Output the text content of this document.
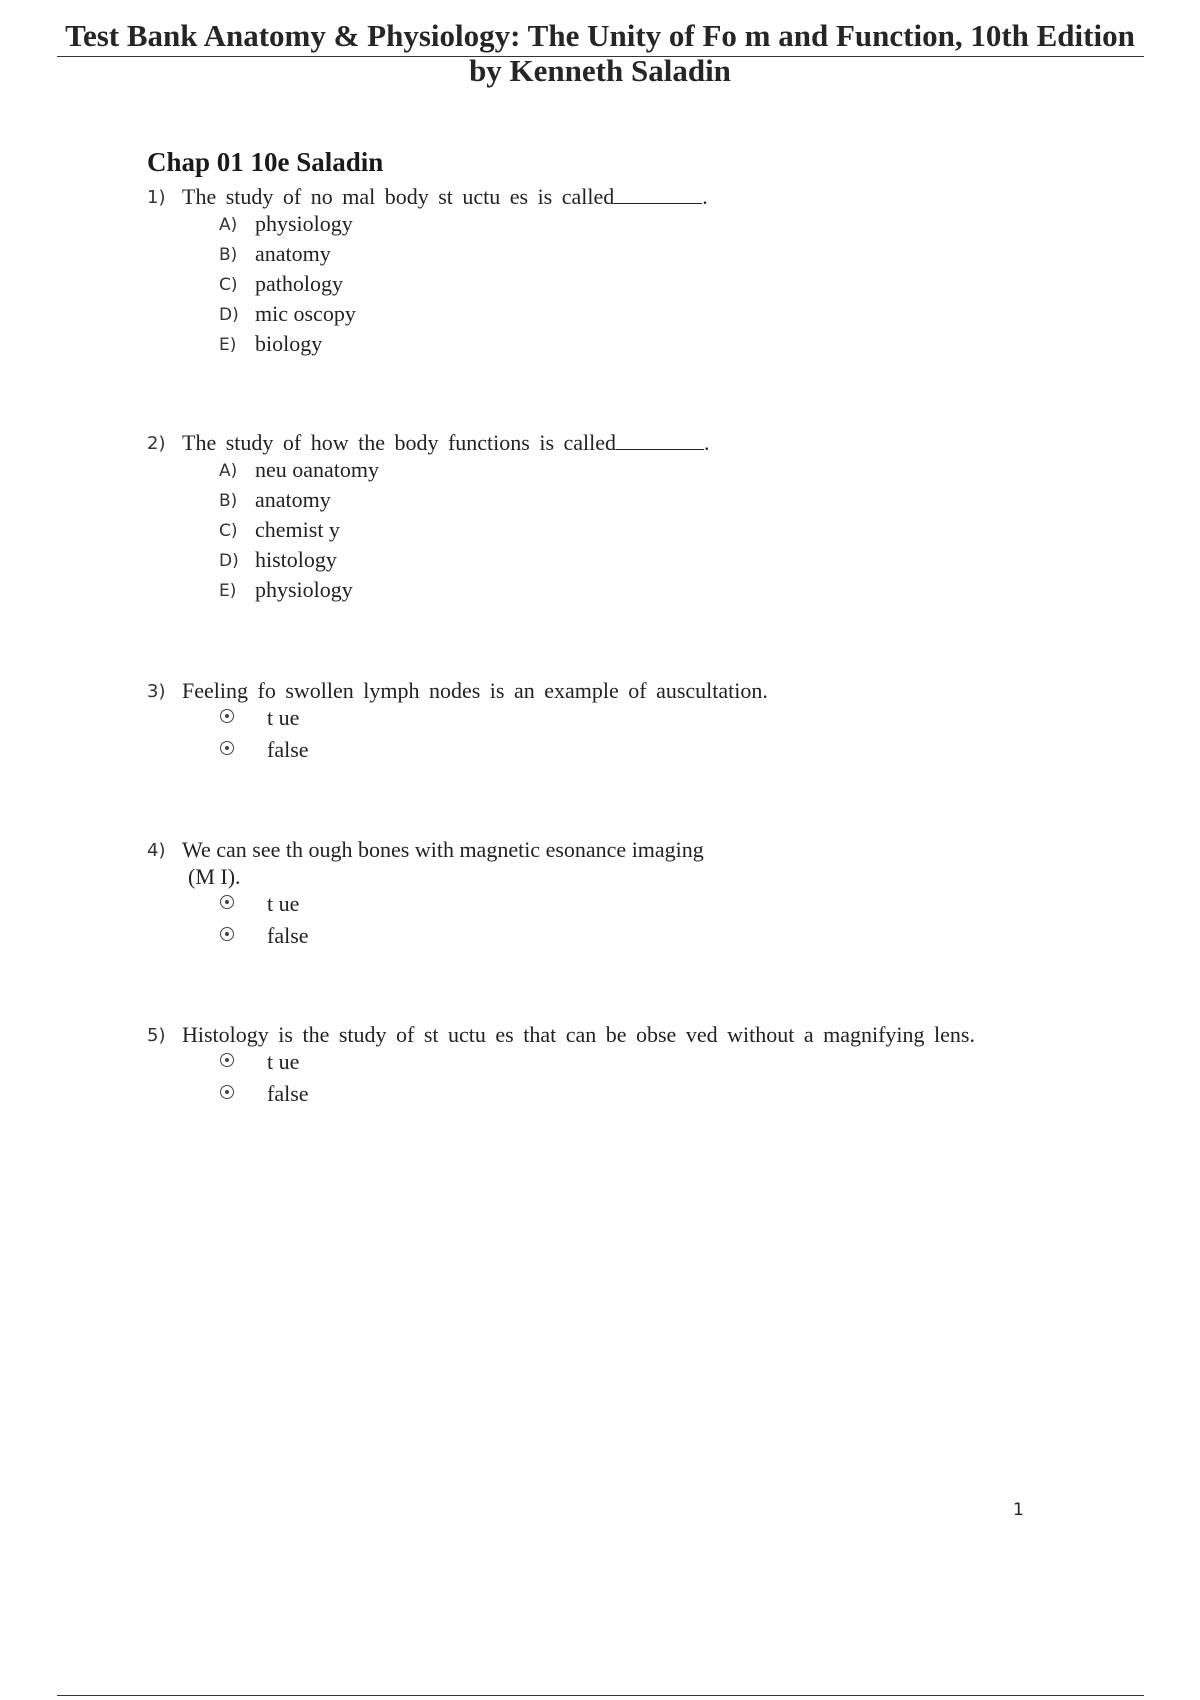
Test Bank Anatomy & Physiology: The Unity of Fo m and Function, 10th Edition
by Kenneth Saladin
Chap 01 10e Saladin
1) The study of no mal body st uctu es is called	.
A) physiology
B) anatomy
C) pathology
D) mic oscopy
E) biology
2) The study of how the body functions is called	.
A) neu oanatomy
B) anatomy
C) chemist y
D) histology
E) physiology
3) Feeling fo swollen lymph nodes is an example of auscultation.
t ue
false
4) We can see th ough bones with magnetic esonance imaging
(M I).
t ue
false
5) Histology is the study of st uctu es that can be obse ved without a magnifying lens.
t ue
false
1
